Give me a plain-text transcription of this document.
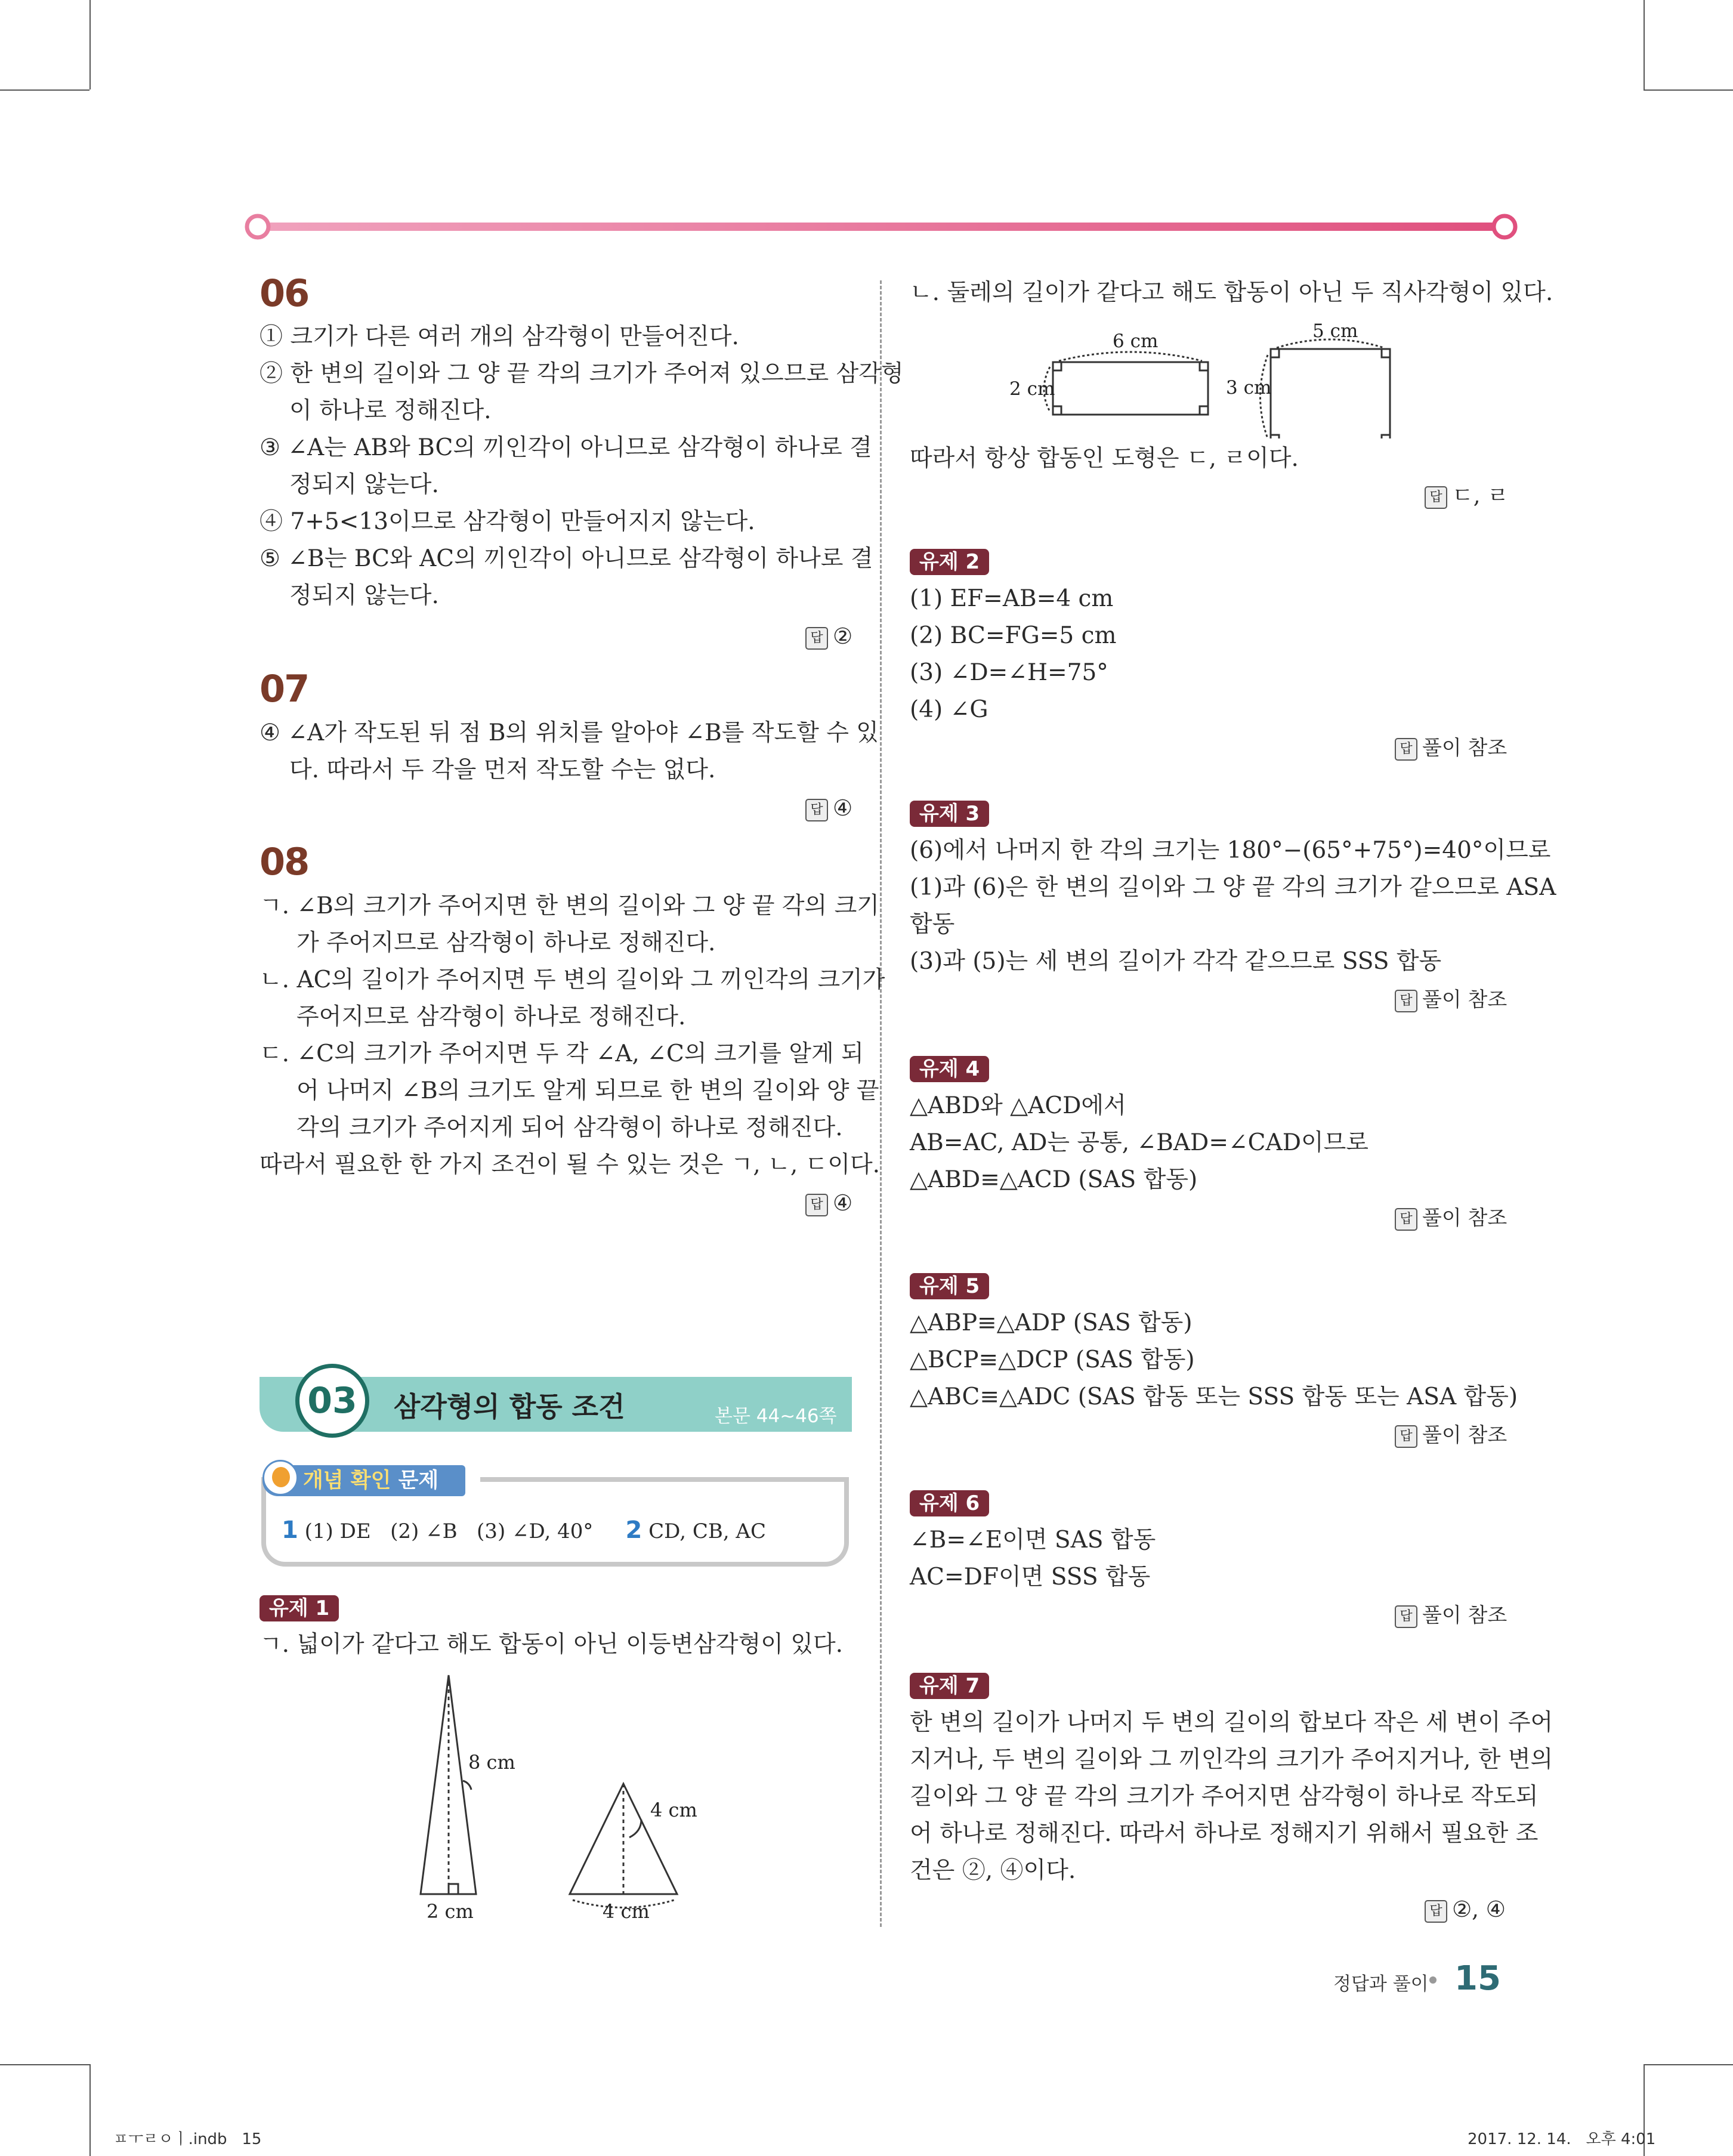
06
① 크기가 다른 여러 개의 삼각형이 만들어진다.
② 한 변의 길이와 그 양 끝 각의 크기가 주어져 있으므로 삼각형
이 하나로 정해진다.
③ ∠A는 AB와 BC의 끼인각이 아니므로 삼각형이 하나로 결
정되지 않는다.
④ 7+5<13이므로 삼각형이 만들어지지 않는다.
⑤ ∠B는 BC와 AC의 끼인각이 아니므로 삼각형이 하나로 결
정되지 않는다.
답 ②
07
④ ∠A가 작도된 뒤 점 B의 위치를 알아야 ∠B를 작도할 수 있
다. 따라서 두 각을 먼저 작도할 수는 없다.
답 ④
08
ㄱ. ∠B의 크기가 주어지면 한 변의 길이와 그 양 끝 각의 크기
가 주어지므로 삼각형이 하나로 정해진다.
ㄴ. AC의 길이가 주어지면 두 변의 길이와 그 끼인각의 크기가
주어지므로 삼각형이 하나로 정해진다.
ㄷ. ∠C의 크기가 주어지면 두 각 ∠A, ∠C의 크기를 알게 되
어 나머지 ∠B의 크기도 알게 되므로 한 변의 길이와 양 끝
각의 크기가 주어지게 되어 삼각형이 하나로 정해진다.
따라서 필요한 한 가지 조건이 될 수 있는 것은 ㄱ, ㄴ, ㄷ이다.
답 ④
03	삼각형의 합동 조건	본문 44~46쪽
개념 확인 문제
1 (1) DE (2) ∠B (3) ∠D, 40° 2 CD, CB, AC
유제 1
ㄱ. 넓이가 같다고 해도 합동이 아닌 이등변삼각형이 있다.
8 cm
2 cm
4 cm
4 cm
ㄴ. 둘레의 길이가 같다고 해도 합동이 아닌 두 직사각형이 있다.
6 cm
2 cm
5 cm
3 cm
따라서 항상 합동인 도형은 ㄷ, ㄹ이다.
답 ㄷ, ㄹ
유제 2
(1) EF=AB=4 cm
(2) BC=FG=5 cm
(3) ∠D=∠H=75°
(4) ∠G
답 풀이 참조
유제 3
(6)에서 나머지 한 각의 크기는 180°−(65°+75°)=40°이므로
(1)과 (6)은 한 변의 길이와 그 양 끝 각의 크기가 같으므로 ASA
합동
(3)과 (5)는 세 변의 길이가 각각 같으므로 SSS 합동
답 풀이 참조
유제 4
△ABD와 △ACD에서
AB=AC, AD는 공통, ∠BAD=∠CAD이므로
△ABD≡△ACD (SAS 합동)
답 풀이 참조
유제 5
△ABP≡△ADP (SAS 합동)
△BCP≡△DCP (SAS 합동)
△ABC≡△ADC (SAS 합동 또는 SSS 합동 또는 ASA 합동)
답 풀이 참조
유제 6
∠B=∠E이면 SAS 합동
AC=DF이면 SSS 합동
답 풀이 참조
유제 7
한 변의 길이가 나머지 두 변의 길이의 합보다 작은 세 변이 주어
지거나, 두 변의 길이와 그 끼인각의 크기가 주어지거나, 한 변의
길이와 그 양 끝 각의 크기가 주어지면 삼각형이 하나로 작도되
어 하나로 정해진다. 따라서 하나로 정해지기 위해서 필요한 조
건은 ②, ④이다.
답 ②, ④
정답과 풀이 15
ㅍㅜㄹㅇㅣ.indb   15	2017. 12. 14.   오후 4:01
